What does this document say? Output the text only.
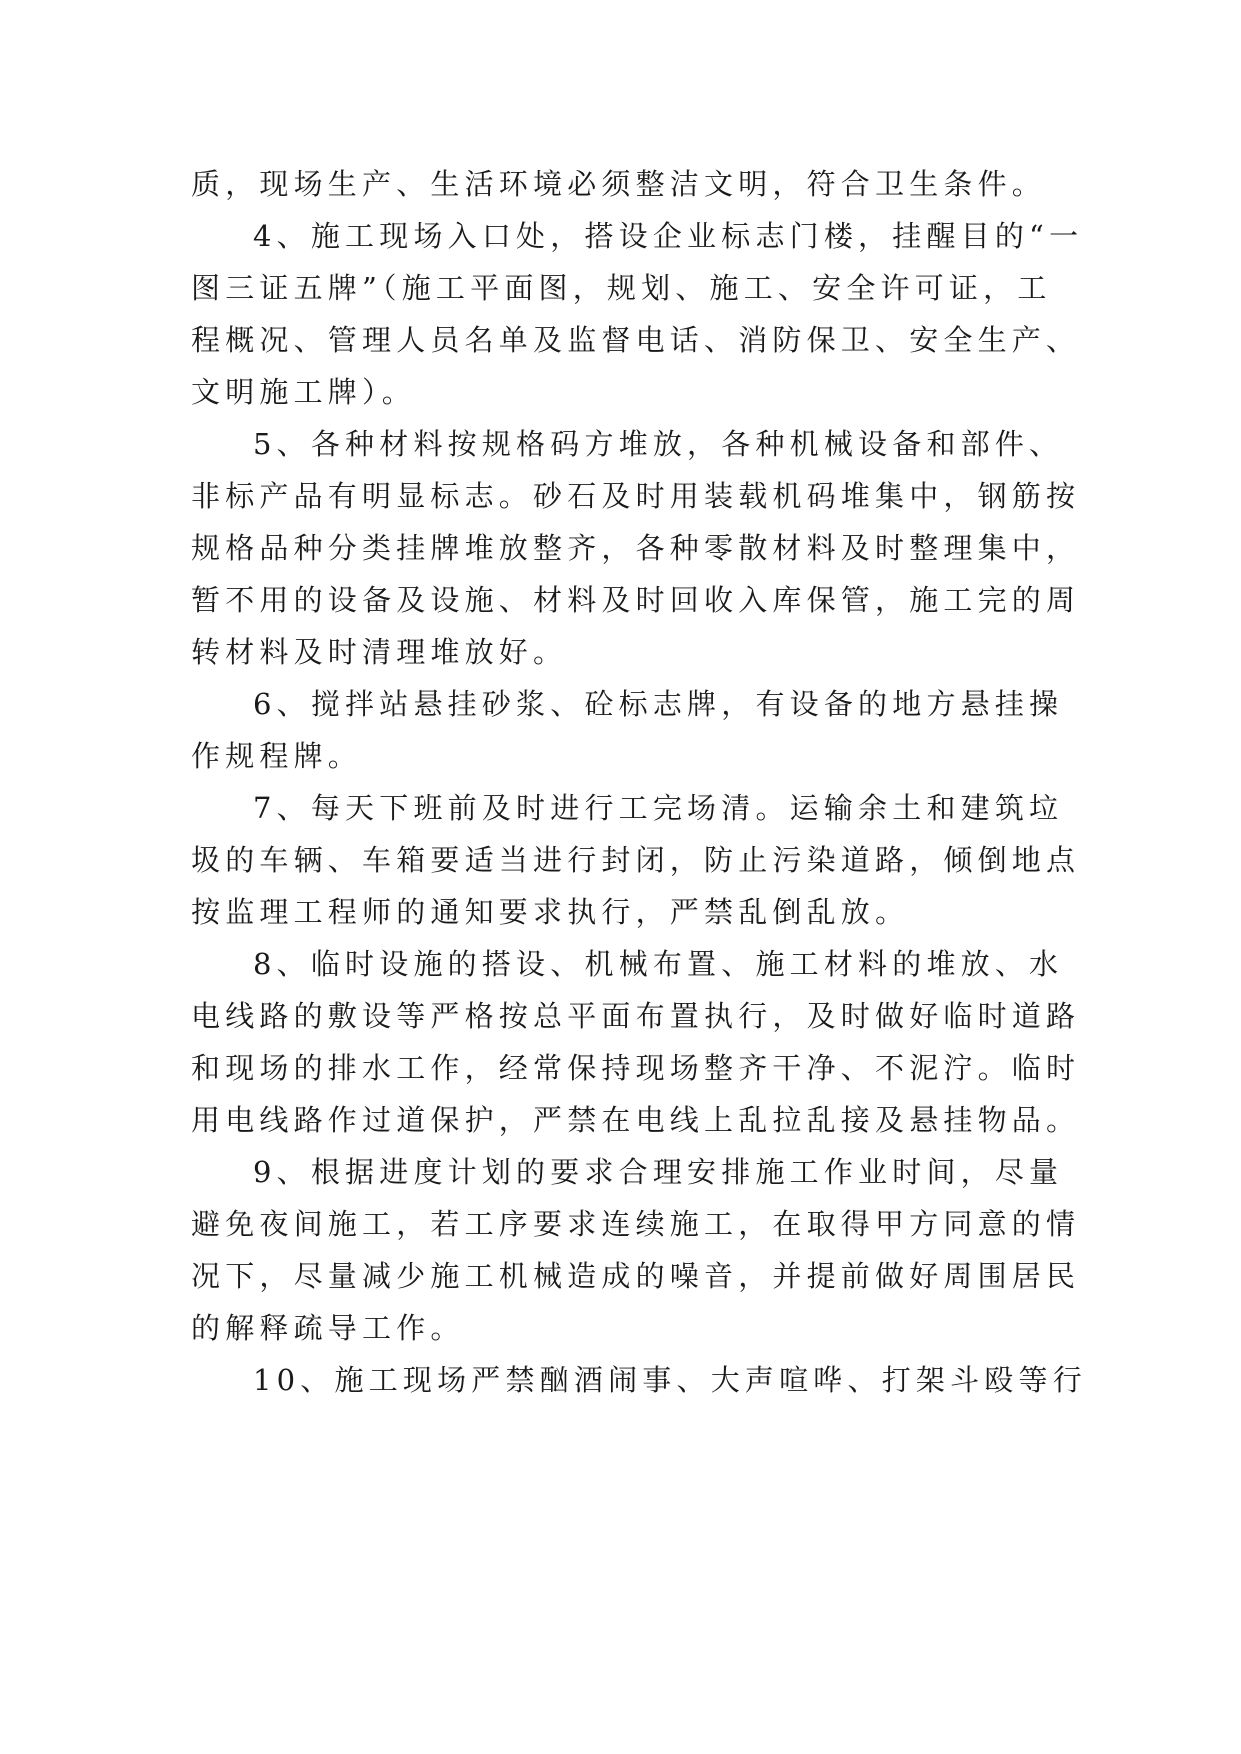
质，现场生产、生活环境必须整洁文明，符合卫生条件。
4、施工现场入口处，搭设企业标志门楼，挂醒目的“一
图三证五牌”（施工平面图，规划、施工、安全许可证，工
程概况、管理人员名单及监督电话、消防保卫、安全生产、
文明施工牌）。
5、各种材料按规格码方堆放，各种机械设备和部件、
非标产品有明显标志。砂石及时用装载机码堆集中，钢筋按
规格品种分类挂牌堆放整齐，各种零散材料及时整理集中，
暂不用的设备及设施、材料及时回收入库保管，施工完的周
转材料及时清理堆放好。
6、搅拌站悬挂砂浆、砼标志牌，有设备的地方悬挂操
作规程牌。
7、每天下班前及时进行工完场清。运输余土和建筑垃
圾的车辆、车箱要适当进行封闭，防止污染道路，倾倒地点
按监理工程师的通知要求执行，严禁乱倒乱放。
8、临时设施的搭设、机械布置、施工材料的堆放、水
电线路的敷设等严格按总平面布置执行，及时做好临时道路
和现场的排水工作，经常保持现场整齐干净、不泥泞。临时
用电线路作过道保护，严禁在电线上乱拉乱接及悬挂物品。
9、根据进度计划的要求合理安排施工作业时间，尽量
避免夜间施工，若工序要求连续施工，在取得甲方同意的情
况下，尽量减少施工机械造成的噪音，并提前做好周围居民
的解释疏导工作。
10、施工现场严禁酗酒闹事、大声喧哗、打架斗殴等行
